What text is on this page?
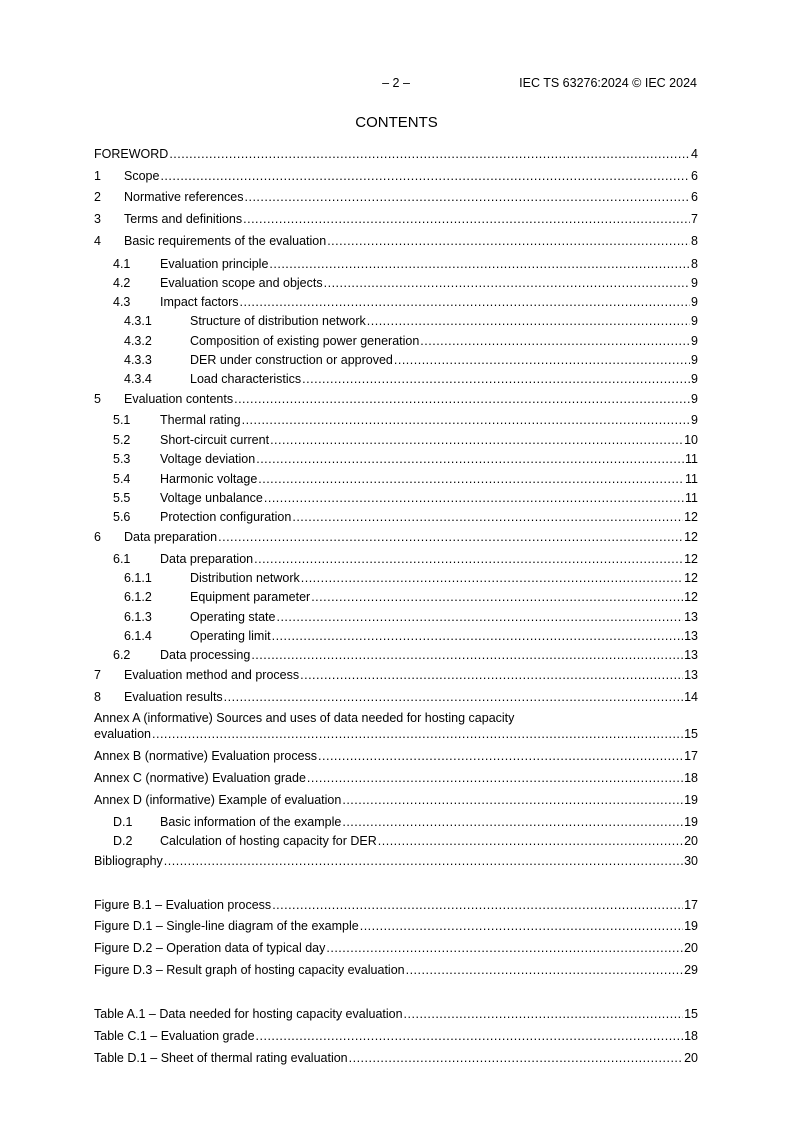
– 2 –	IEC TS 63276:2024 © IEC 2024
CONTENTS
FOREWORD .....	4
1	Scope .....	6
2	Normative references .....	6
3	Terms and definitions .....	7
4	Basic requirements of the evaluation .....	8
4.1	Evaluation principle .....	8
4.2	Evaluation scope and objects .....	9
4.3	Impact factors .....	9
4.3.1	Structure of distribution network .....	9
4.3.2	Composition of existing power generation .....	9
4.3.3	DER under construction or approved .....	9
4.3.4	Load characteristics .....	9
5	Evaluation contents .....	9
5.1	Thermal rating .....	9
5.2	Short-circuit current .....	10
5.3	Voltage deviation .....	11
5.4	Harmonic voltage .....	11
5.5	Voltage unbalance .....	11
5.6	Protection configuration .....	12
6	Data preparation .....	12
6.1	Data preparation .....	12
6.1.1	Distribution network .....	12
6.1.2	Equipment parameter .....	12
6.1.3	Operating state .....	13
6.1.4	Operating limit .....	13
6.2	Data processing .....	13
7	Evaluation method and process .....	13
8	Evaluation results .....	14
Annex A (informative) Sources and uses of data needed for hosting capacity
evaluation .....	15
Annex B (normative) Evaluation process .....	17
Annex C (normative) Evaluation grade .....	18
Annex D (informative) Example of evaluation .....	19
D.1	Basic information of the example .....	19
D.2	Calculation of hosting capacity for DER .....	20
Bibliography .....	30
Figure B.1 – Evaluation process .....	17
Figure D.1 – Single-line diagram of the example .....	19
Figure D.2 – Operation data of typical day .....	20
Figure D.3 – Result graph of hosting capacity evaluation .....	29
Table A.1 – Data needed for hosting capacity evaluation .....	15
Table C.1 – Evaluation grade .....	18
Table D.1 – Sheet of thermal rating evaluation .....	20
